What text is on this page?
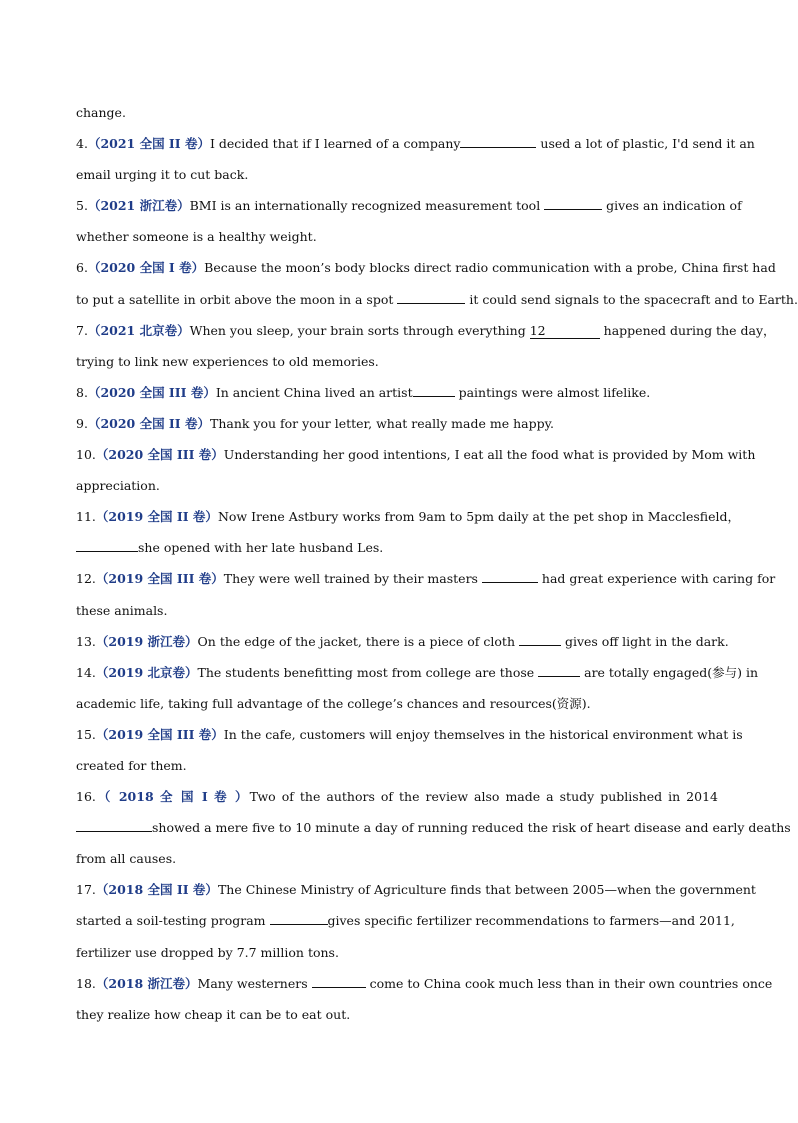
change.
4.（2021 全国 II 卷）I decided that if I learned of a company	used a lot of plastic, I'd send it an
email urging it to cut back.
5.（2021 浙江卷）BMI is an internationally recognized measurement tool	gives an indication of
whether someone is a healthy weight.
6.（2020 全国 I 卷）Because the moon’s body blocks direct radio communication with a probe, China first had
to put a satellite in orbit above the moon in a spot	it could send signals to the spacecraft and to Earth.
7.（2021 北京卷）When you sleep, your brain sorts through everything 12	happened during the day，
trying to link new experiences to old memories.
8.（2020 全国 III 卷）In ancient China lived an artist	paintings were almost lifelike.
9.（2020 全国 II 卷）Thank you for your letter, what really made me happy.
10.（2020 全国 III 卷）Understanding her good intentions, I eat all the food what is provided by Mom with
appreciation.
11.（2019 全国 II 卷）Now Irene Astbury works from 9am to 5pm daily at the pet shop in Macclesfield，
she opened with her late husband Les.
12.（2019 全国 III 卷）They were well trained by their masters	had great experience with caring for
these animals.
13.（2019 浙江卷）On the edge of the jacket, there is a piece of cloth	gives off light in the dark.
14.（2019 北京卷）The students benefitting most from college are those	are totally engaged(参与) in
academic life, taking full advantage of the college’s chances and resources(资源).
15.（2019 全国 III 卷）In the cafe, customers will enjoy themselves in the historical environment what is
created for them.
16.（ 2018 全 国 I 卷 ）Two of the authors of the review also made a study published in 2014
showed a mere five to 10 minute a day of running reduced the risk of heart disease and early deaths
from all causes.
17.（2018 全国 II 卷）The Chinese Ministry of Agriculture finds that between 2005—when the government
started a soil-testing program	gives specific fertilizer recommendations to farmers—and 2011,
fertilizer use dropped by 7.7 million tons.
18.（2018 浙江卷）Many westerners	come to China cook much less than in their own countries once
they realize how cheap it can be to eat out.
